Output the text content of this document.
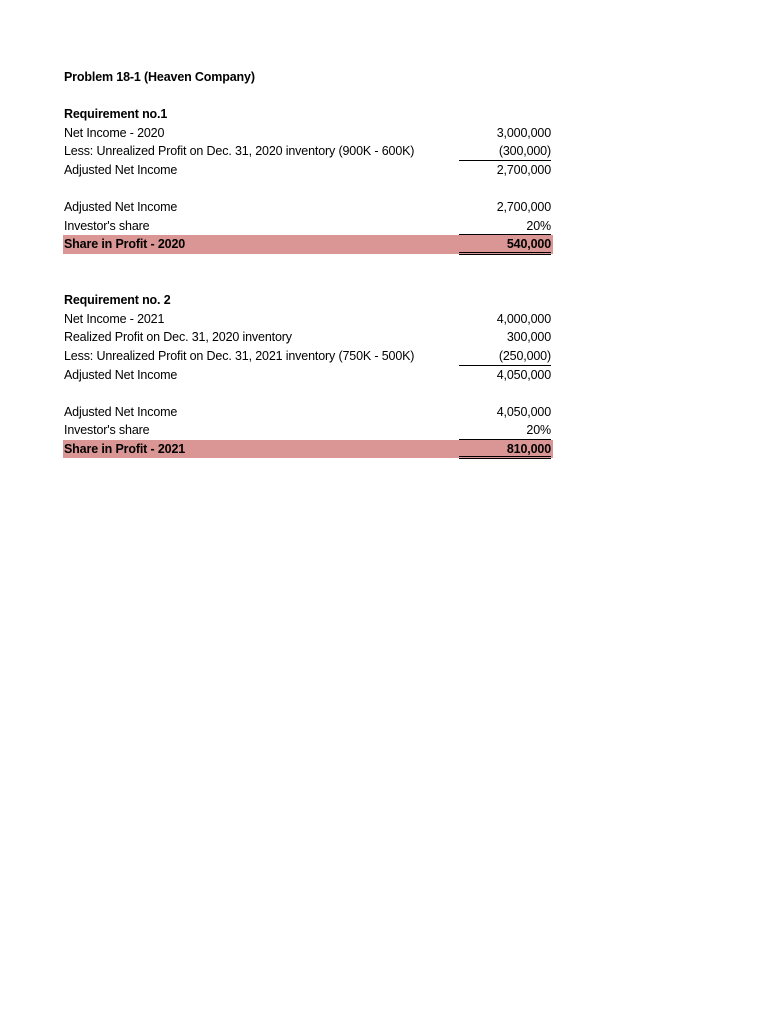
Problem 18-1 (Heaven Company)
Requirement no.1
Net Income - 2020	3,000,000
Less: Unrealized Profit on Dec. 31, 2020 inventory (900K - 600K)	(300,000)
Adjusted Net Income	2,700,000
Adjusted Net Income	2,700,000
Investor's share	20%
Share in Profit - 2020	540,000
Requirement no. 2
Net Income - 2021	4,000,000
Realized Profit on Dec. 31, 2020 inventory	300,000
Less: Unrealized Profit on Dec. 31, 2021 inventory (750K - 500K)	(250,000)
Adjusted Net Income	4,050,000
Adjusted Net Income	4,050,000
Investor's share	20%
Share in Profit - 2021	810,000
